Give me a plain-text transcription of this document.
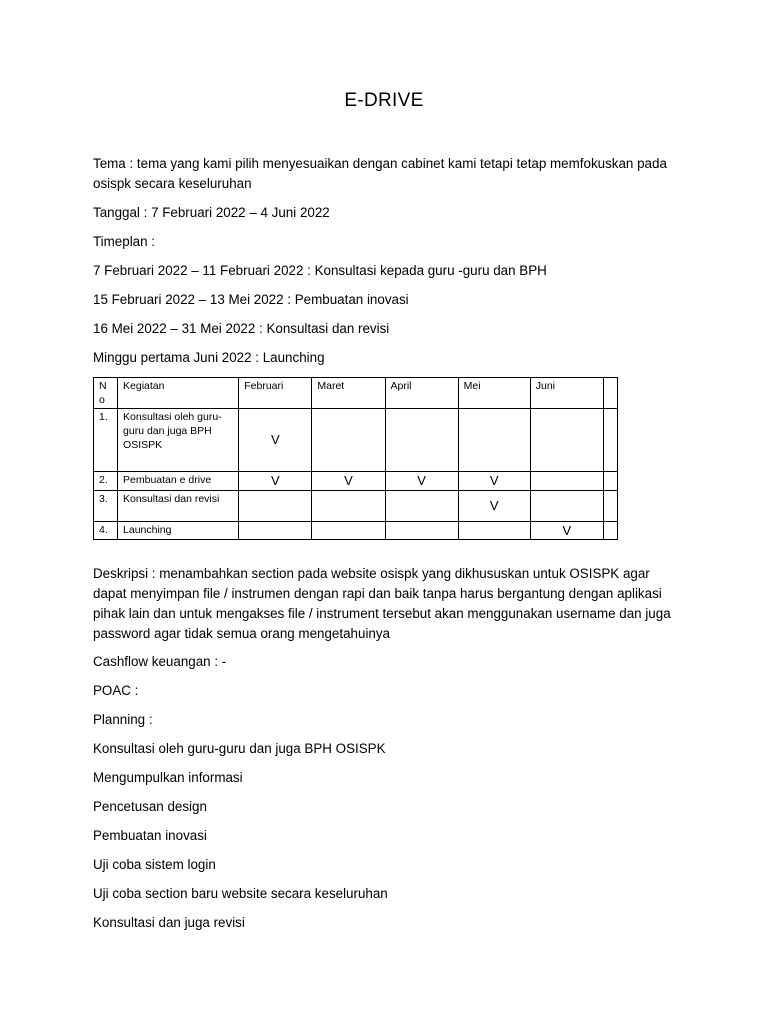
E-DRIVE
Tema : tema yang kami pilih menyesuaikan dengan cabinet kami tetapi tetap memfokuskan pada osispk secara keseluruhan
Tanggal : 7 Februari 2022 – 4 Juni 2022
Timeplan :
7 Februari 2022 – 11 Februari 2022 : Konsultasi kepada guru -guru dan BPH
15 Februari 2022 – 13 Mei 2022 : Pembuatan inovasi
16 Mei 2022 – 31 Mei 2022 : Konsultasi dan revisi
Minggu pertama Juni 2022 : Launching
N o	Kegiatan	Februari	Maret	April	Mei	Juni	
1.	Konsultasi oleh guru-guru dan juga BPH OSISPK	V					
2.	Pembuatan e drive	V	V	V	V		
3.	Konsultasi dan revisi				V		
4.	Launching					V	
Deskripsi : menambahkan section pada website osispk yang dikhususkan untuk OSISPK agar dapat menyimpan file / instrumen dengan rapi dan baik tanpa harus bergantung dengan aplikasi pihak lain dan untuk mengakses file / instrument tersebut akan menggunakan username dan juga password agar tidak semua orang mengetahuinya
Cashflow keuangan : -
POAC :
Planning :
Konsultasi oleh guru-guru dan juga BPH OSISPK
Mengumpulkan informasi
Pencetusan design
Pembuatan inovasi
Uji coba sistem login
Uji coba section baru website secara keseluruhan
Konsultasi dan juga revisi
